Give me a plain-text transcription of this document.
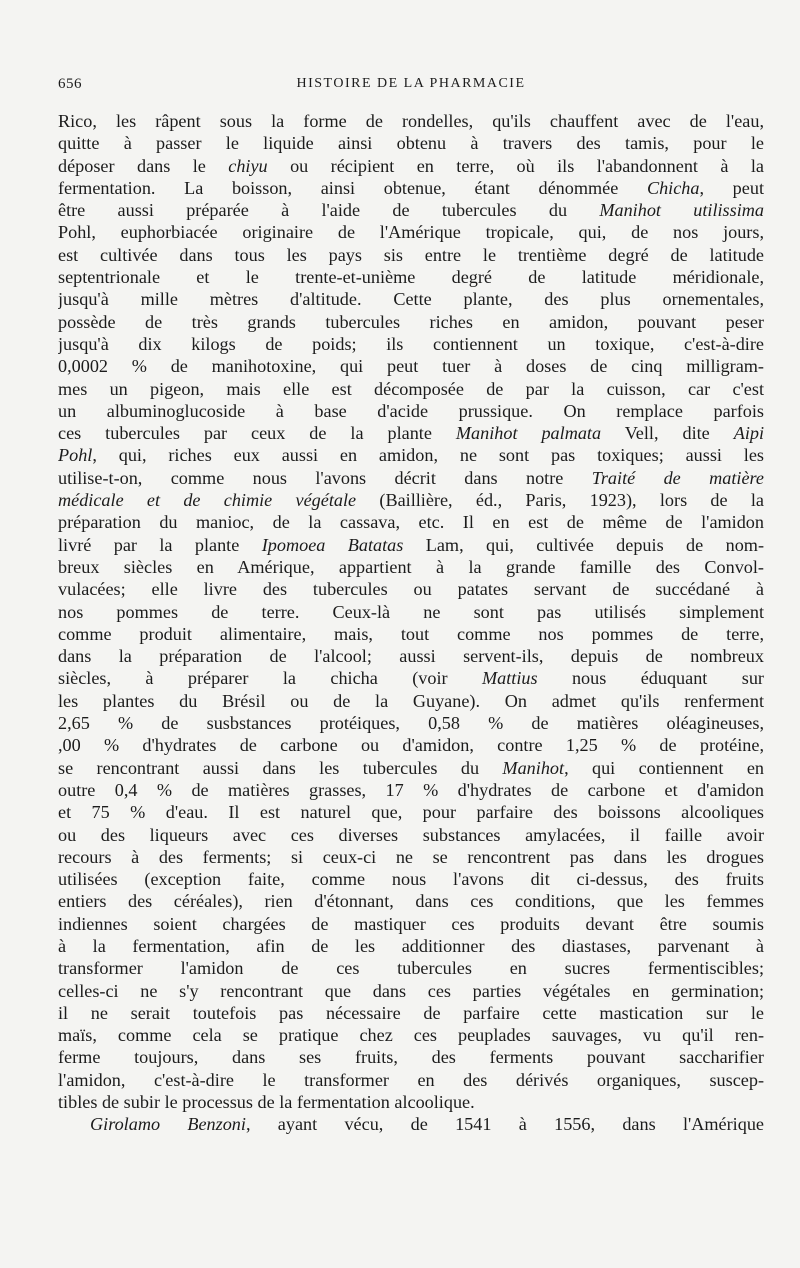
656	HISTOIRE DE LA PHARMACIE
Rico, les râpent sous la forme de rondelles, qu'ils chauffent avec de l'eau,
quitte à passer le liquide ainsi obtenu à travers des tamis, pour le
déposer dans le chiyu ou récipient en terre, où ils l'abandonnent à la
fermentation. La boisson, ainsi obtenue, étant dénommée Chicha, peut
être aussi préparée à l'aide de tubercules du Manihot utilissima
Pohl, euphorbiacée originaire de l'Amérique tropicale, qui, de nos jours,
est cultivée dans tous les pays sis entre le trentième degré de latitude
septentrionale et le trente-et-unième degré de latitude méridionale,
jusqu'à mille mètres d'altitude. Cette plante, des plus ornementales,
possède de très grands tubercules riches en amidon, pouvant peser
jusqu'à dix kilogs de poids; ils contiennent un toxique, c'est-à-dire
0,0002 % de manihotoxine, qui peut tuer à doses de cinq milligram-
mes un pigeon, mais elle est décomposée de par la cuisson, car c'est
un albuminoglucoside à base d'acide prussique. On remplace parfois
ces tubercules par ceux de la plante Manihot palmata Vell, dite Aipi
Pohl, qui, riches eux aussi en amidon, ne sont pas toxiques; aussi les
utilise-t-on, comme nous l'avons décrit dans notre Traité de matière
médicale et de chimie végétale (Baillière, éd., Paris, 1923), lors de la
préparation du manioc, de la cassava, etc. Il en est de même de l'amidon
livré par la plante Ipomoea Batatas Lam, qui, cultivée depuis de nom-
breux siècles en Amérique, appartient à la grande famille des Convol-
vulacées; elle livre des tubercules ou patates servant de succédané à
nos pommes de terre. Ceux-là ne sont pas utilisés simplement
comme produit alimentaire, mais, tout comme nos pommes de terre,
dans la préparation de l'alcool; aussi servent-ils, depuis de nombreux
siècles, à préparer la chicha (voir Mattius nous éduquant sur
les plantes du Brésil ou de la Guyane). On admet qu'ils renferment
2,65 % de susbstances protéiques, 0,58 % de matières oléagineuses,
,00 % d'hydrates de carbone ou d'amidon, contre 1,25 % de protéine,
se rencontrant aussi dans les tubercules du Manihot, qui contiennent en
outre 0,4 % de matières grasses, 17 % d'hydrates de carbone et d'amidon
et 75 % d'eau. Il est naturel que, pour parfaire des boissons alcooliques
ou des liqueurs avec ces diverses substances amylacées, il faille avoir
recours à des ferments; si ceux-ci ne se rencontrent pas dans les drogues
utilisées (exception faite, comme nous l'avons dit ci-dessus, des fruits
entiers des céréales), rien d'étonnant, dans ces conditions, que les femmes
indiennes soient chargées de mastiquer ces produits devant être soumis
à la fermentation, afin de les additionner des diastases, parvenant à
transformer l'amidon de ces tubercules en sucres fermentiscibles;
celles-ci ne s'y rencontrant que dans ces parties végétales en germination;
il ne serait toutefois pas nécessaire de parfaire cette mastication sur le
maïs, comme cela se pratique chez ces peuplades sauvages, vu qu'il ren-
ferme toujours, dans ses fruits, des ferments pouvant saccharifier
l'amidon, c'est-à-dire le transformer en des dérivés organiques, suscep-
tibles de subir le processus de la fermentation alcoolique.
Girolamo Benzoni, ayant vécu, de 1541 à 1556, dans l'Amérique
